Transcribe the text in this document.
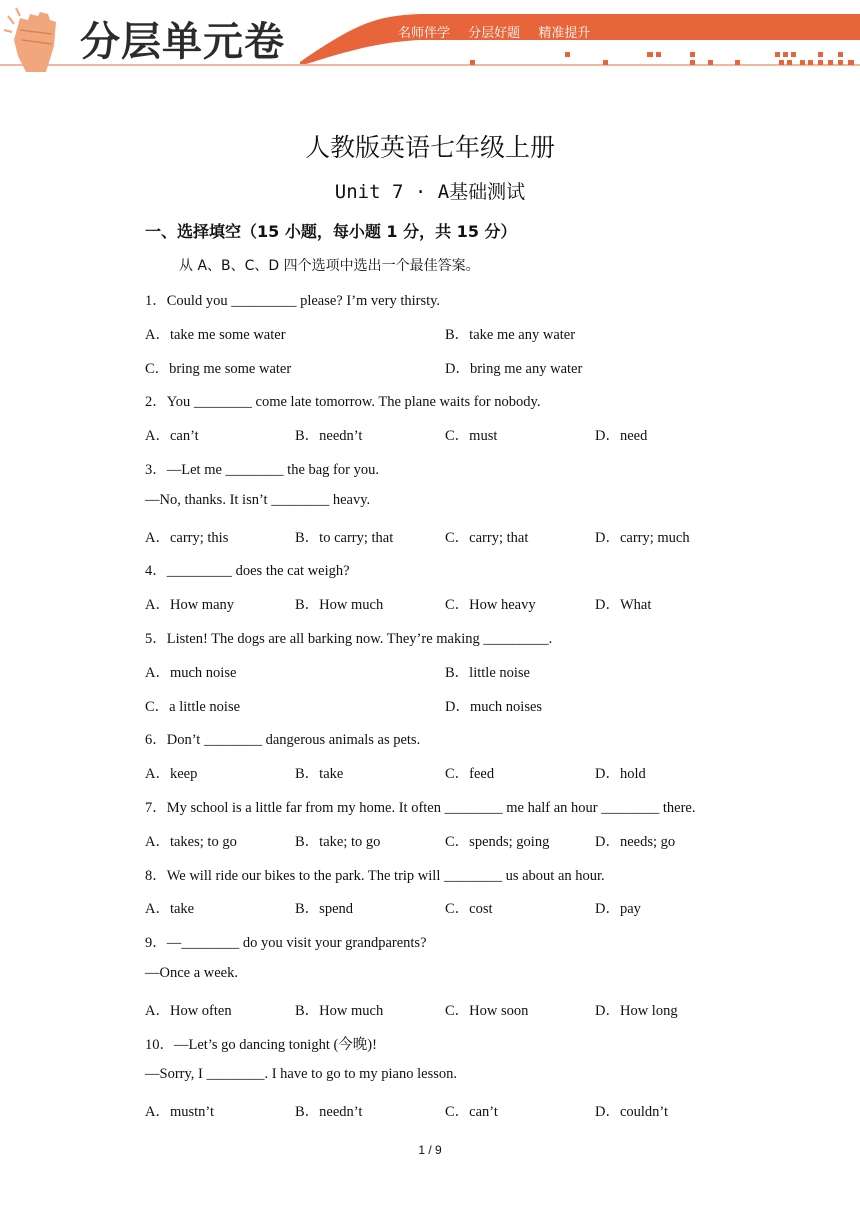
分层单元卷	名师伴学 分层好题 精准提升
人教版英语七年级上册
Unit 7 · A基础测试
一、选择填空（15 小题，每小题 1 分，共 15 分）
从 A、B、C、D 四个选项中选出一个最佳答案。
1．Could you _________ please? I’m very thirsty.
A．take me some water	B．take me any water
C．bring me some water	D．bring me any water
2．You ________ come late tomorrow. The plane waits for nobody.
A．can’t	B．needn’t	C．must	D．need
3．—Let me ________ the bag for you.
—No, thanks. It isn’t ________ heavy.
A．carry; this	B．to carry; that	C．carry; that	D．carry; much
4．_________ does the cat weigh?
A．How many	B．How much	C．How heavy	D．What
5．Listen! The dogs are all barking now. They’re making _________.
A．much noise	B．little noise
C．a little noise	D．much noises
6．Don’t ________ dangerous animals as pets.
A．keep	B．take	C．feed	D．hold
7．My school is a little far from my home. It often ________ me half an hour ________ there.
A．takes; to go	B．take; to go	C．spends; going	D．needs; go
8．We will ride our bikes to the park. The trip will ________ us about an hour.
A．take	B．spend	C．cost	D．pay
9．—________ do you visit your grandparents?
—Once a week.
A．How often	B．How much	C．How soon	D．How long
10．—Let’s go dancing tonight (今晚)!
—Sorry, I ________. I have to go to my piano lesson.
A．mustn’t	B．needn’t	C．can’t	D．couldn’t
1 / 9
